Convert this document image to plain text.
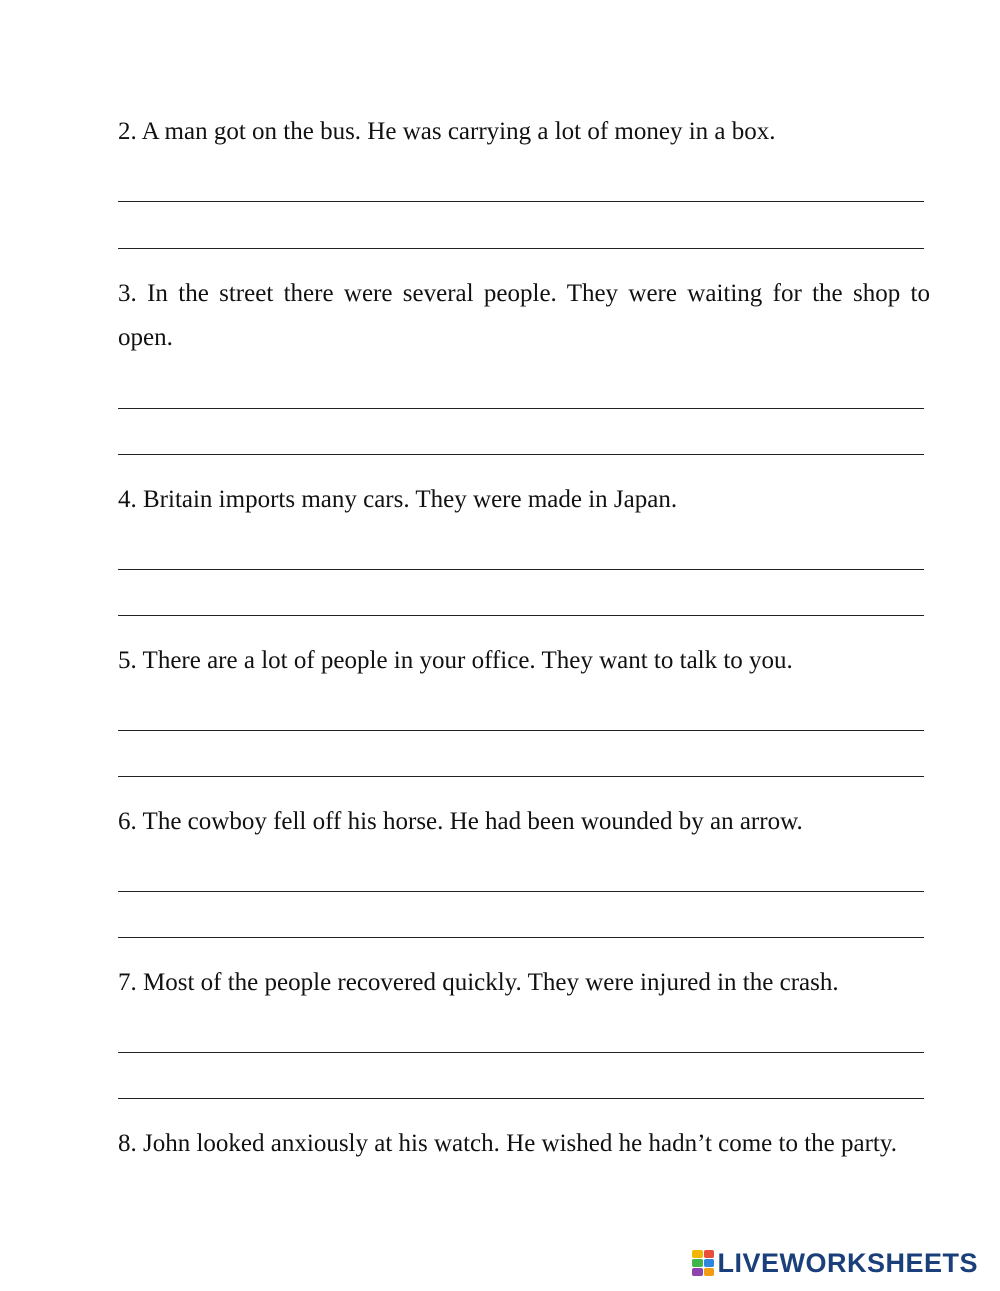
2. A man got on the bus. He was carrying a lot of money in a box.

3. In the street there were several people. They were waiting for the shop to open.

4. Britain imports many cars. They were made in Japan.

5. There are a lot of people in your office. They want to talk to you.

6. The cowboy fell off his horse. He had been wounded by an arrow.

7. Most of the people recovered quickly. They were injured in the crash.

8. John looked anxiously at his watch. He wished he hadn’t come to the party.

LIVEWORKSHEETS
